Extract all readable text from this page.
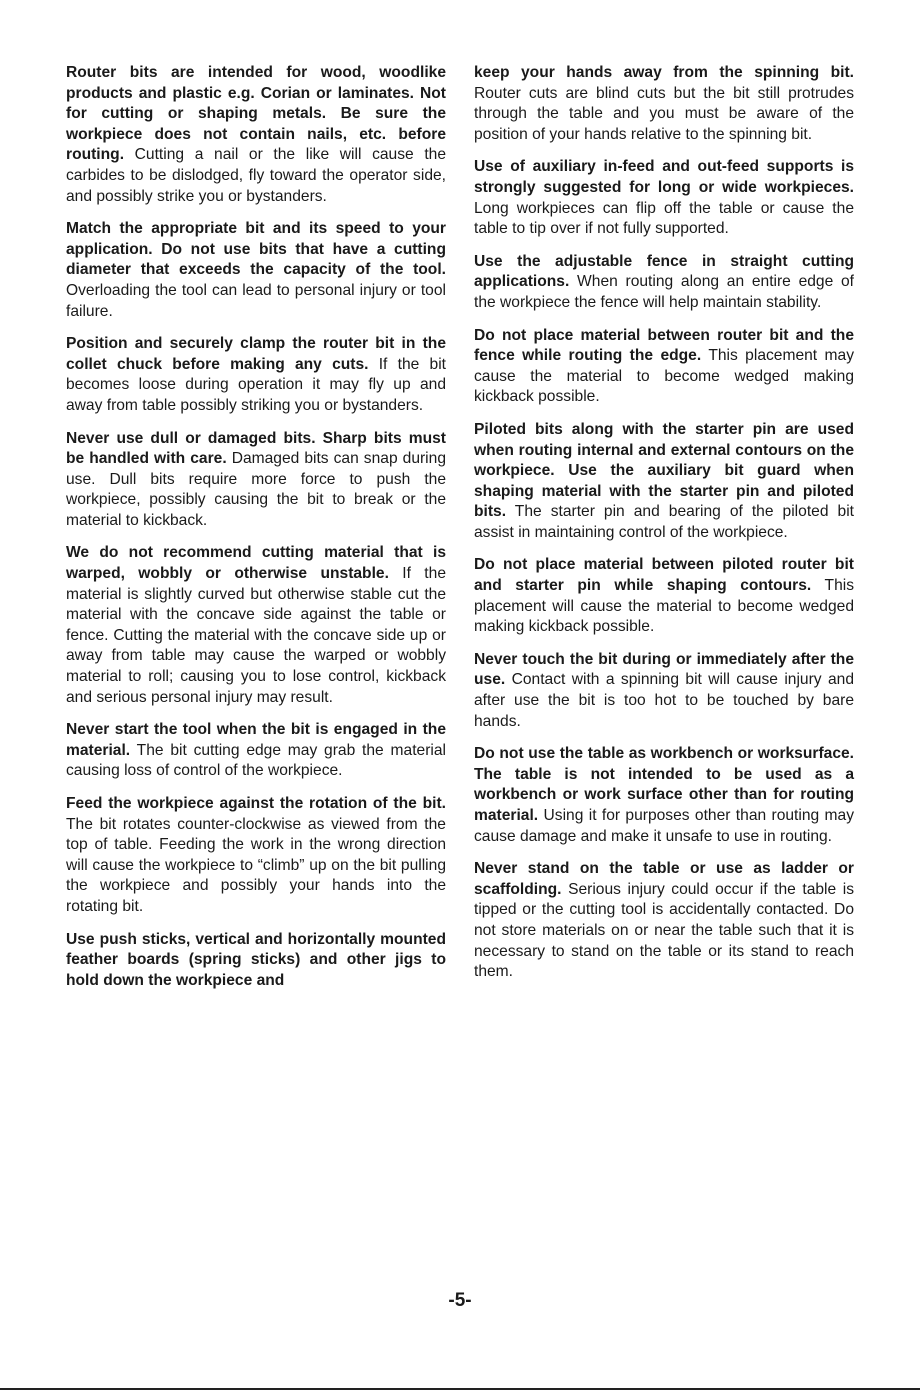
Router bits are intended for wood, woodlike products and plastic e.g. Corian or laminates. Not for cutting or shaping metals. Be sure the workpiece does not contain nails, etc. before routing. Cutting a nail or the like will cause the carbides to be dislodged, fly toward the operator side, and possibly strike you or bystanders.

Match the appropriate bit and its speed to your application. Do not use bits that have a cutting diameter that exceeds the capacity of the tool. Overloading the tool can lead to personal injury or tool failure.

Position and securely clamp the router bit in the collet chuck before making any cuts. If the bit becomes loose during operation it may fly up and away from table possibly striking you or bystanders.

Never use dull or damaged bits. Sharp bits must be handled with care. Damaged bits can snap during use. Dull bits require more force to push the workpiece, possibly causing the bit to break or the material to kickback.

We do not recommend cutting material that is warped, wobbly or otherwise unstable. If the material is slightly curved but otherwise stable cut the material with the concave side against the table or fence. Cutting the material with the concave side up or away from table may cause the warped or wobbly material to roll; causing you to lose control, kickback and serious personal injury may result.

Never start the tool when the bit is engaged in the material. The bit cutting edge may grab the material causing loss of control of the workpiece.

Feed the workpiece against the rotation of the bit. The bit rotates counter-clockwise as viewed from the top of table. Feeding the work in the wrong direction will cause the workpiece to “climb” up on the bit pulling the workpiece and possibly your hands into the rotating bit.

Use push sticks, vertical and horizontally mounted feather boards (spring sticks) and other jigs to hold down the workpiece and

keep your hands away from the spinning bit. Router cuts are blind cuts but the bit still protrudes through the table and you must be aware of the position of your hands relative to the spinning bit.

Use of auxiliary in-feed and out-feed supports is strongly suggested for long or wide workpieces. Long workpieces can flip off the table or cause the table to tip over if not fully supported.

Use the adjustable fence in straight cutting applications. When routing along an entire edge of the workpiece the fence will help maintain stability.

Do not place material between router bit and the fence while routing the edge. This placement may cause the material to become wedged making kickback possible.

Piloted bits along with the starter pin are used when routing internal and external contours on the workpiece. Use the auxiliary bit guard when shaping material with the starter pin and piloted bits. The starter pin and bearing of the piloted bit assist in maintaining control of the workpiece.

Do not place material between piloted router bit and starter pin while shaping contours. This placement will cause the material to become wedged making kickback possible.

Never touch the bit during or immediately after the use. Contact with a spinning bit will cause injury and after use the bit is too hot to be touched by bare hands.

Do not use the table as workbench or worksurface. The table is not intended to be used as a workbench or work surface other than for routing material. Using it for purposes other than routing may cause damage and make it unsafe to use in routing.

Never stand on the table or use as ladder or scaffolding. Serious injury could occur if the table is tipped or the cutting tool is accidentally contacted. Do not store materials on or near the table such that it is necessary to stand on the table or its stand to reach them.

-5-
